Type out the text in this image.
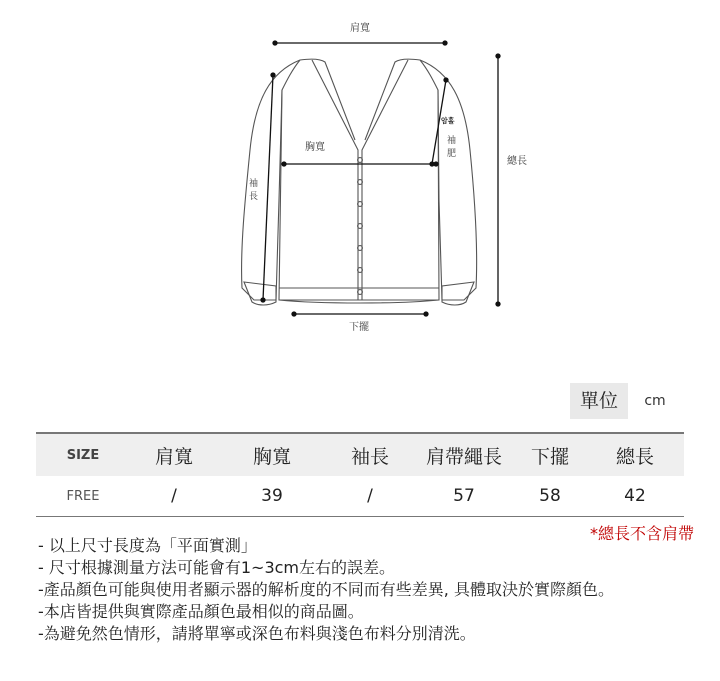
肩寬
胸寬
袖長
암홀
袖肥
總長
下擺
單位	cm
SIZE	肩寬	胸寬	袖長	肩帶繩長	下擺	總長
FREE	/	39	/	57	58	42
*總長不含肩帶
- 以上尺寸長度為「平面實測」
- 尺寸根據測量方法可能會有1~3cm左右的誤差。
-產品顏色可能與使用者顯示器的解析度的不同而有些差異, 具體取決於實際顏色。
-本店皆提供與實際產品顏色最相似的商品圖。
-為避免然色情形，請將單寧或深色布料與淺色布料分別清洗。
